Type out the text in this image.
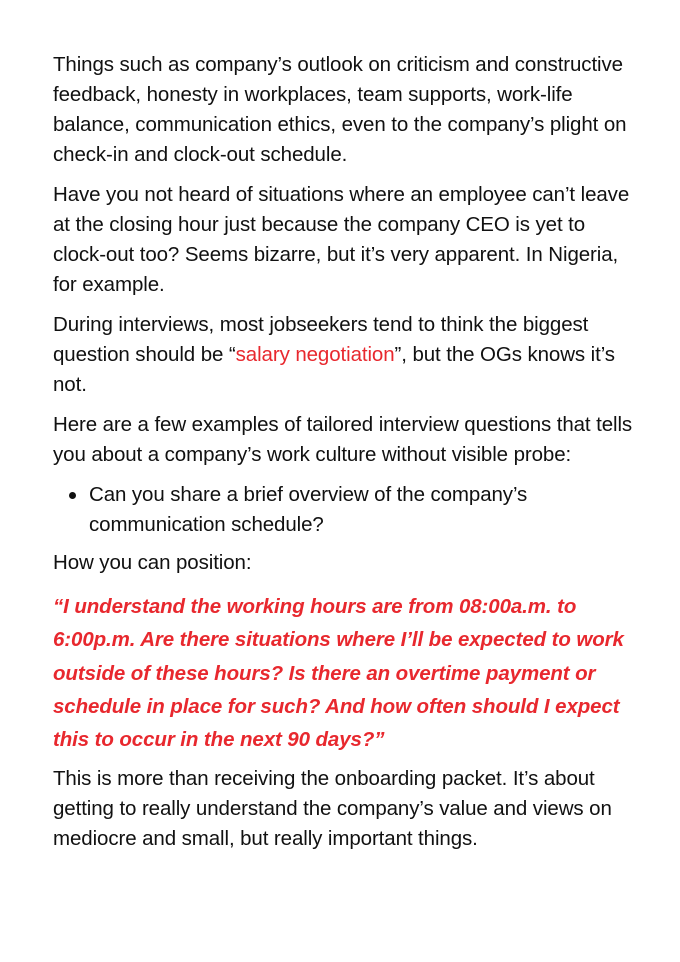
Things such as company’s outlook on criticism and constructive feedback, honesty in workplaces, team supports, work-life balance, communication ethics, even to the company’s plight on check-in and clock-out schedule.

Have you not heard of situations where an employee can’t leave at the closing hour just because the company CEO is yet to clock-out too? Seems bizarre, but it’s very apparent. In Nigeria, for example.

During interviews, most jobseekers tend to think the biggest question should be “salary negotiation”, but the OGs knows it’s not.

Here are a few examples of tailored interview questions that tells you about a company’s work culture without visible probe:

Can you share a brief overview of the company’s communication schedule?

How you can position:

“I understand the working hours are from 08:00a.m. to 6:00p.m. Are there situations where I’ll be expected to work outside of these hours? Is there an overtime payment or schedule in place for such? And how often should I expect this to occur in the next 90 days?”

This is more than receiving the onboarding packet. It’s about getting to really understand the company’s value and views on mediocre and small, but really important things.
